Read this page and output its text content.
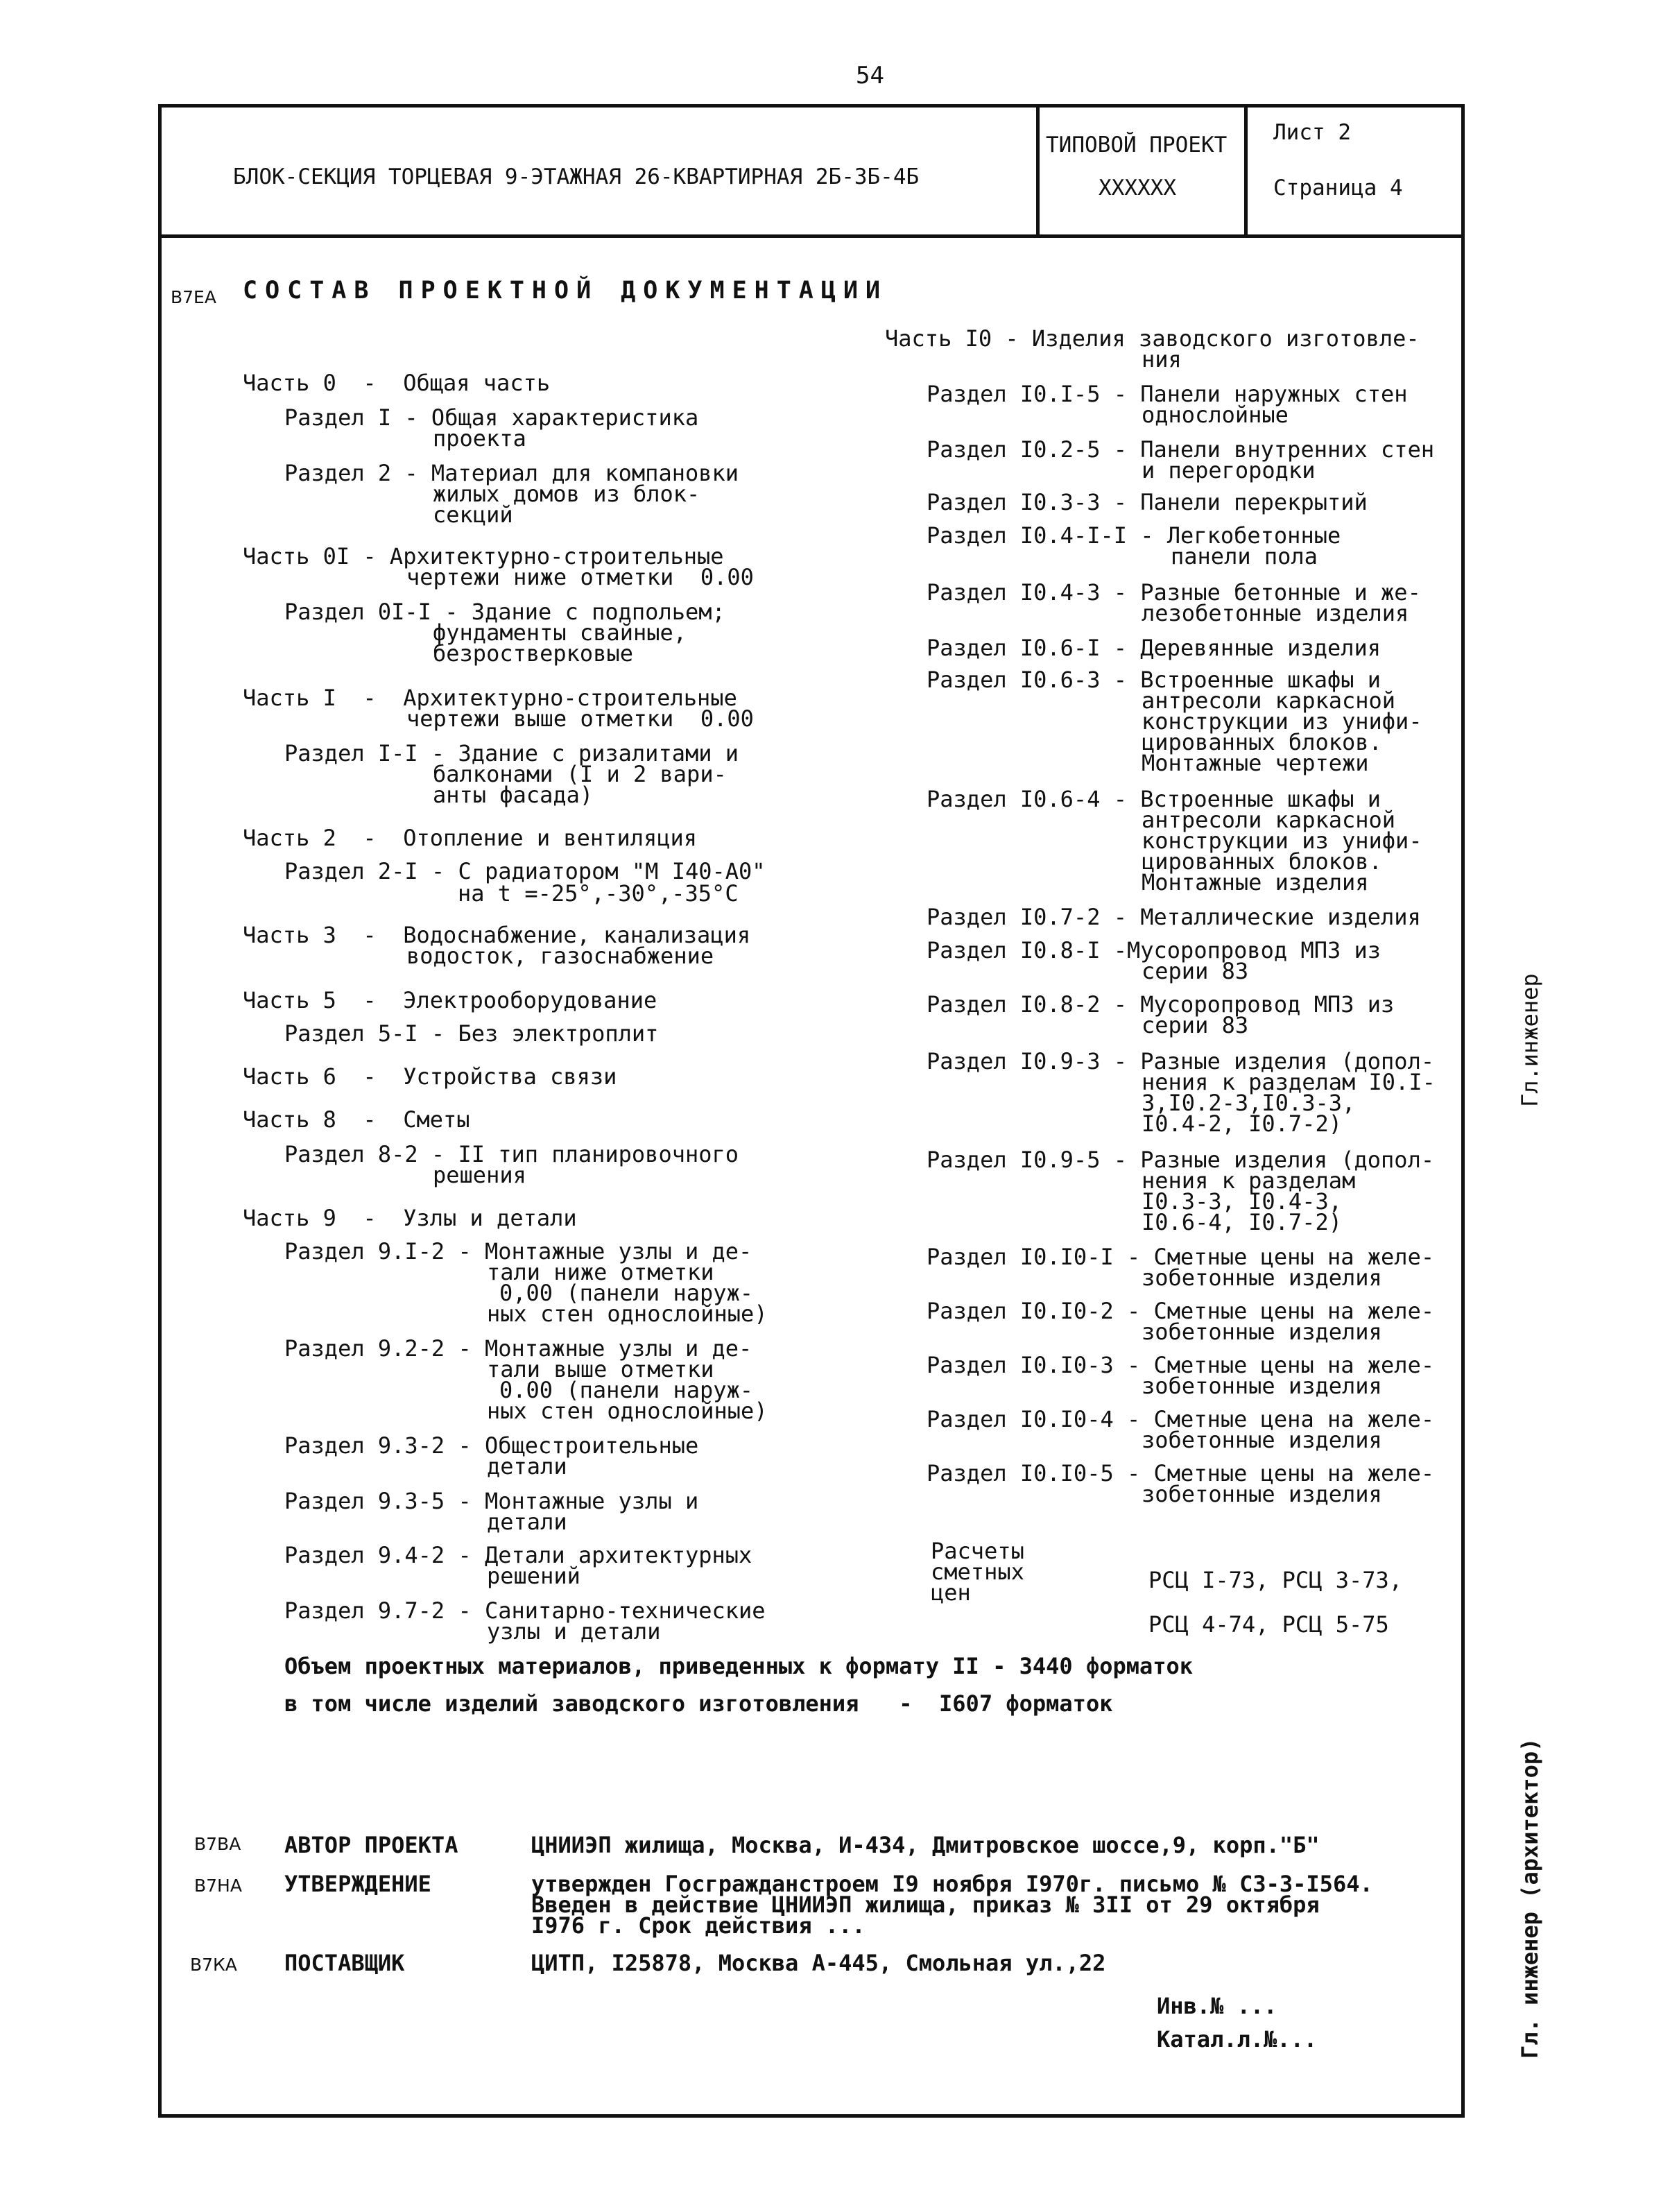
54
БЛОК-СЕКЦИЯ ТОРЦЕВАЯ 9-ЭТАЖНАЯ 26-КВАРТИРНАЯ 2Б-3Б-4Б
ТИПОВОЙ ПРОЕКТ
XXXXXX
Лист 2
Страница 4
В7ЕА СОСТАВ ПРОЕКТНОЙ ДОКУМЕНТАЦИИ
Часть 0  -  Общая часть
Раздел I - Общая характеристика
проекта
Раздел 2 - Материал для компановки
жилых домов из блок-
секций
Часть 0I - Архитектурно-строительные
чертежи ниже отметки  0.00
Раздел 0I-I - Здание с подпольем;
фундаменты свайные,
безростверковые
Часть I  -  Архитектурно-строительные
чертежи выше отметки  0.00
Раздел I-I - Здание с ризалитами и
балконами (I и 2 вари-
анты фасада)
Часть 2  -  Отопление и вентиляция
Раздел 2-I - С радиатором "М I40-А0"
на t =-25°,-30°,-35°С
Часть 3  -  Водоснабжение, канализация
водосток, газоснабжение
Часть 5  -  Электрооборудование
Раздел 5-I - Без электроплит
Часть 6  -  Устройства связи
Часть 8  -  Сметы
Раздел 8-2 - II тип планировочного
решения
Часть 9  -  Узлы и детали
Раздел 9.I-2 - Монтажные узлы и де-
тали ниже отметки
0,00 (панели наруж-
ных стен однослойные)
Раздел 9.2-2 - Монтажные узлы и де-
тали выше отметки
0.00 (панели наруж-
ных стен однослойные)
Раздел 9.3-2 - Общестроительные
детали
Раздел 9.3-5 - Монтажные узлы и
детали
Раздел 9.4-2 - Детали архитектурных
решений
Раздел 9.7-2 - Санитарно-технические
узлы и детали
Часть I0 - Изделия заводского изготовле-
ния
Раздел I0.I-5 - Панели наружных стен
однослойные
Раздел I0.2-5 - Панели внутренних стен
и перегородки
Раздел I0.3-3 - Панели перекрытий
Раздел I0.4-I-I - Легкобетонные
панели пола
Раздел I0.4-3 - Разные бетонные и же-
лезобетонные изделия
Раздел I0.6-I - Деревянные изделия
Раздел I0.6-3 - Встроенные шкафы и
антресоли каркасной
конструкции из унифи-
цированных блоков.
Монтажные чертежи
Раздел I0.6-4 - Встроенные шкафы и
антресоли каркасной
конструкции из унифи-
цированных блоков.
Монтажные изделия
Раздел I0.7-2 - Металлические изделия
Раздел I0.8-I -Мусоропровод МПЗ из
серии 83
Раздел I0.8-2 - Мусоропровод МПЗ из
серии 83
Раздел I0.9-3 - Разные изделия (допол-
нения к разделам I0.I-
3,I0.2-3,I0.3-3,
I0.4-2, I0.7-2)
Раздел I0.9-5 - Разные изделия (допол-
нения к разделам
I0.3-3, I0.4-3,
I0.6-4, I0.7-2)
Раздел I0.I0-I - Сметные цены на желе-
зобетонные изделия
Раздел I0.I0-2 - Сметные цены на желе-
зобетонные изделия
Раздел I0.I0-3 - Сметные цены на желе-
зобетонные изделия
Раздел I0.I0-4 - Сметные цена на желе-
зобетонные изделия
Раздел I0.I0-5 - Сметные цены на желе-
зобетонные изделия
Расчеты
сметных
цен	РСЦ I-73, РСЦ 3-73,
РСЦ 4-74, РСЦ 5-75
Объем проектных материалов, приведенных к формату II - 3440 форматок
в том числе изделий заводского изготовления   -  I607 форматок
В7ВА АВТОР ПРОЕКТА	ЦНИИЭП жилища, Москва, И-434, Дмитровское шоссе,9, корп."Б"
В7НА УТВЕРЖДЕНИЕ	утвержден Госгражданстроем I9 ноября I970г. письмо № СЗ-3-I564.
Введен в действие ЦНИИЭП жилища, приказ № 3II от 29 октября
I976 г. Срок действия ...
В7КА ПОСТАВЩИК	ЦИТП, I25878, Москва А-445, Смольная ул.,22
Инв.№ ...
Катал.л.№...
Гл.инженер
Гл. инженер (архитектор)
